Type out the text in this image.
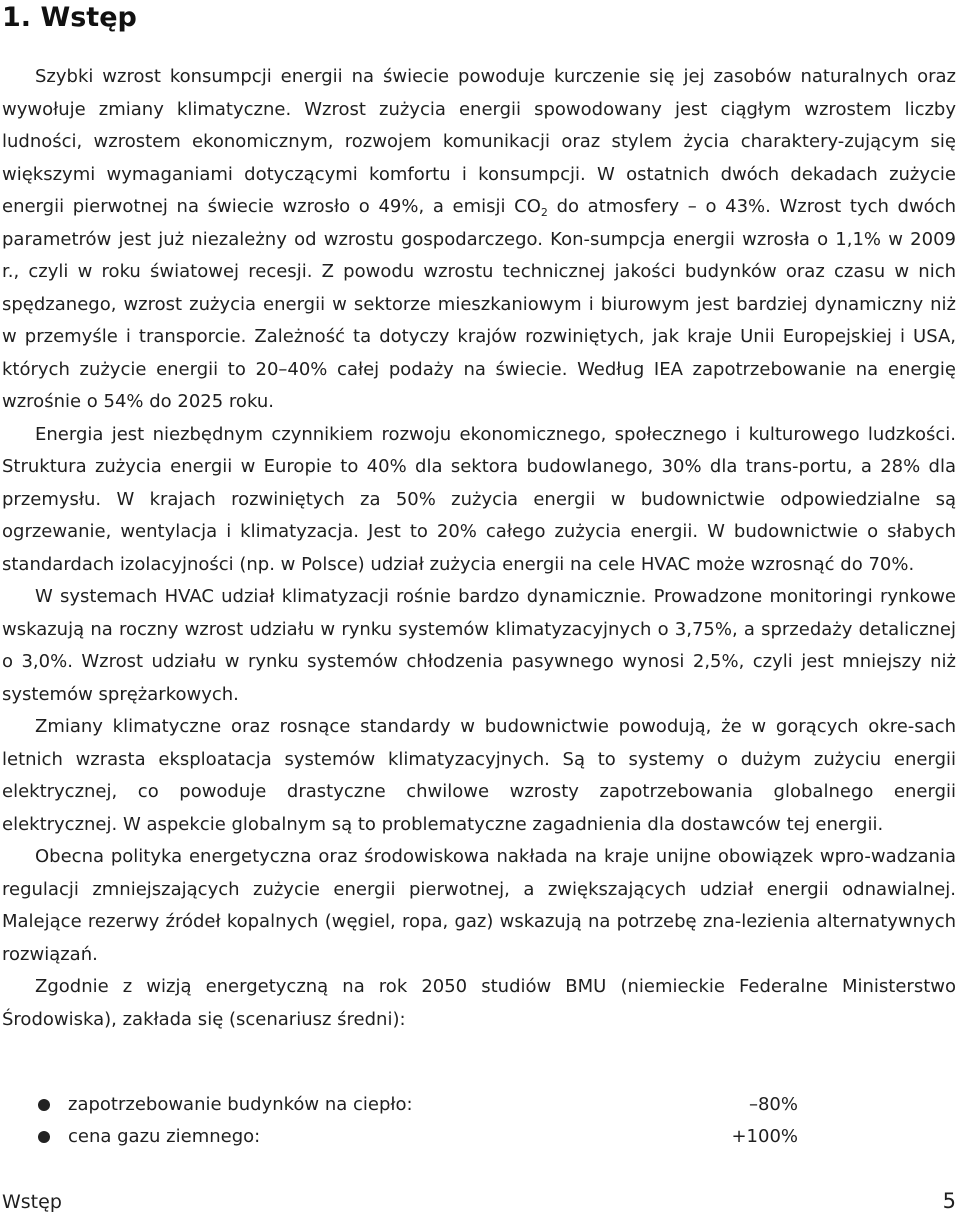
1. Wstęp

Szybki wzrost konsumpcji energii na świecie powoduje kurczenie się jej zasobów naturalnych oraz wywołuje zmiany klimatyczne. Wzrost zużycia energii spowodowany jest ciągłym wzrostem liczby ludności, wzrostem ekonomicznym, rozwojem komunikacji oraz stylem życia charaktery-zującym się większymi wymaganiami dotyczącymi komfortu i konsumpcji. W ostatnich dwóch dekadach zużycie energii pierwotnej na świecie wzrosło o 49%, a emisji $CO_2$ do atmosfery – o 43%. Wzrost tych dwóch parametrów jest już niezależny od wzrostu gospodarczego. Kon-sumpcja energii wzrosła o 1,1% w 2009 r., czyli w roku światowej recesji. Z powodu wzrostu technicznej jakości budynków oraz czasu w nich spędzanego, wzrost zużycia energii w sektorze mieszkaniowym i biurowym jest bardziej dynamiczny niż w przemyśle i transporcie. Zależność ta dotyczy krajów rozwiniętych, jak kraje Unii Europejskiej i USA, których zużycie energii to 20–40% całej podaży na świecie. Według IEA zapotrzebowanie na energię wzrośnie o 54% do 2025 roku.

Energia jest niezbędnym czynnikiem rozwoju ekonomicznego, społecznego i kulturowego ludzkości. Struktura zużycia energii w Europie to 40% dla sektora budowlanego, 30% dla trans-portu, a 28% dla przemysłu. W krajach rozwiniętych za 50% zużycia energii w budownictwie odpowiedzialne są ogrzewanie, wentylacja i klimatyzacja. Jest to 20% całego zużycia energii. W budownictwie o słabych standardach izolacyjności (np. w Polsce) udział zużycia energii na cele HVAC może wzrosnąć do 70%.

W systemach HVAC udział klimatyzacji rośnie bardzo dynamicznie. Prowadzone monitoringi rynkowe wskazują na roczny wzrost udziału w rynku systemów klimatyzacyjnych o 3,75%, a sprzedaży detalicznej o 3,0%. Wzrost udziału w rynku systemów chłodzenia pasywnego wynosi 2,5%, czyli jest mniejszy niż systemów sprężarkowych.

Zmiany klimatyczne oraz rosnące standardy w budownictwie powodują, że w gorących okre-sach letnich wzrasta eksploatacja systemów klimatyzacyjnych. Są to systemy o dużym zużyciu energii elektrycznej, co powoduje drastyczne chwilowe wzrosty zapotrzebowania globalnego energii elektrycznej. W aspekcie globalnym są to problematyczne zagadnienia dla dostawców tej energii.

Obecna polityka energetyczna oraz środowiskowa nakłada na kraje unijne obowiązek wpro-wadzania regulacji zmniejszających zużycie energii pierwotnej, a zwiększających udział energii odnawialnej. Malejące rezerwy źródeł kopalnych (węgiel, ropa, gaz) wskazują na potrzebę zna-lezienia alternatywnych rozwiązań.

Zgodnie z wizją energetyczną na rok 2050 studiów BMU (niemieckie Federalne Ministerstwo Środowiska), zakłada się (scenariusz średni):

zapotrzebowanie budynków na ciepło:	–80%
cena gazu ziemnego:	+100%
Wstęp	5
